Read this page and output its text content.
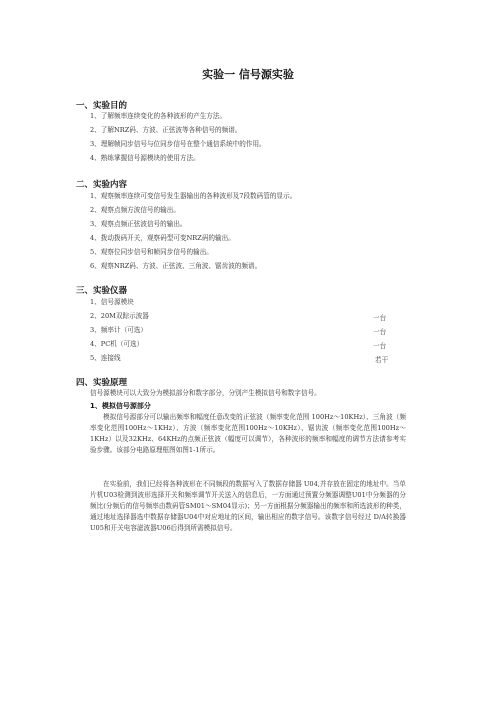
实验一 信号源实验
一、实验目的
1、了解频率连续变化的各种波形的产生方法。
2、了解NRZ码、方波、正弦波等各种信号的频谱。
3、理解帧同步信号与位同步信号在整个通信系统中的作用。
4、熟练掌握信号源模块的使用方法。
二、实验内容
1、观察频率连续可变信号发生器输出的各种波形及7段数码管的显示。
2、观察点频方波信号的输出。
3、观察点频正弦波信号的输出。
4、拨动拨码开关，观察码型可变NRZ码的输出。
5、观察位同步信号和帧同步信号的输出。
6、观察NRZ码、方波、正弦波、三角波、锯齿波的频谱。
三、实验仪器
1、信号源模块
2、20M双踪示波器	一台
3、频率计（可选）	一台
4、PC机（可选）	一台
5、连接线	若干
四、实验原理
信号源模块可以大致分为模拟部分和数字部分，分别产生模拟信号和数字信号。
1、模拟信号源部分
模拟信号源部分可以输出频率和幅度任意改变的正弦波（频率变化范围 100Hz～10KHz）、三角波（频率变化范围100Hz～1KHz）、方波（频率变化范围100Hz～10KHz）、锯齿波（频率变化范围100Hz～1KHz）以及32KHz、64KHz的点频正弦波（幅度可以调节），各种波形的频率和幅度的调节方法请参考实验步骤。该部分电路原理框图如图1-1所示。
在实验前，我们已经将各种波形在不同频段的数据写入了数据存储器 U04,并存放在固定的地址中。当单片机U03检测到波形选择开关和频率调节开关送入的信息后，一方面通过预置分频器调整U01中分频器的分频比(分频后的信号频率由数码管SM01～SM04显示)；另一方面根据分频器输出的频率和所选波形的种类，通过地址选择器选中数据存储器U04中对应地址的区间，输出相应的数字信号。该数字信号经过 D/A转换器U05和开关电容滤波器U06后得到所需模拟信号。
